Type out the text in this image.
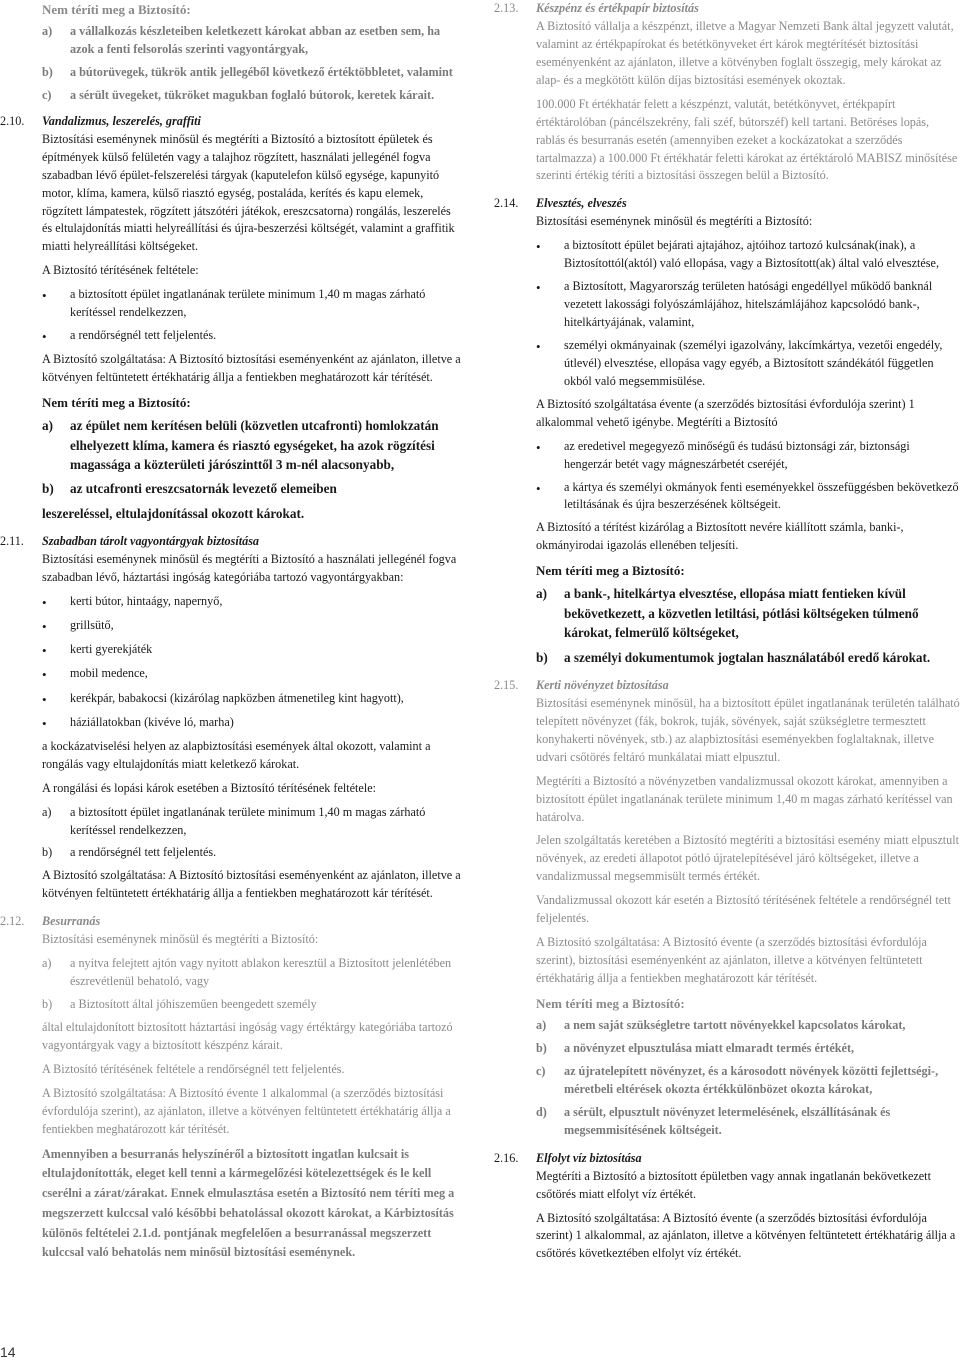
Nem téríti meg a Biztosító:
a)	a vállalkozás készleteiben keletkezett károkat abban az esetben sem, ha azok a fenti felsorolás szerinti vagyontárgyak,
b)	a bútorüvegek, tükrök antik jellegéből következő értéktöbbletet, valamint
c)	a sérült üvegeket, tükröket magukban foglaló bútorok, keretek kárait.
2.10.	Vandalizmus, leszerelés, graffiti

Biztosítási eseménynek minősül és megtéríti a Biztosító a biztosított épületek és építmények külső felületén vagy a talajhoz rögzített, használati jellegénél fogva szabadban lévő épület-felszerelési tárgyak (kaputelefon külső egysége, kapunyitó motor, klíma, kamera, külső riasztó egység, postaláda, kerítés és kapu elemek, rögzített lámpatestek, rögzített játszótéri játékok, ereszcsatorna) rongálás, leszerelés és eltulajdonítás miatti helyreállítási és újra-beszerzési költségét, valamint a graffitik miatti helyreállítási költségeket.

A Biztosító térítésének feltétele:

•	a biztosított épület ingatlanának területe minimum 1,40 m magas zárható kerítéssel rendelkezzen,
•	a rendőrségnél tett feljelentés.

A Biztosító szolgáltatása: A Biztosító biztosítási eseményenként az ajánlaton, illetve a kötvényen feltüntetett értékhatárig állja a fentiekben meghatározott kár térítését.

Nem téríti meg a Biztosító:
a)	az épület nem kerítésen belüli (közvetlen utcafronti) homlokzatán elhelyezett klíma, kamera és riasztó egységeket, ha azok rögzítési magassága a közterületi járószinttől 3 m-nél alacsonyabb,
b)	az utcafronti ereszcsatornák levezető elemeiben

leszereléssel, eltulajdonítással okozott károkat.

2.11.	Szabadban tárolt vagyontárgyak biztosítása

Biztosítási eseménynek minősül és megtéríti a Biztosító a használati jellegénél fogva szabadban lévő, háztartási ingóság kategóriába tartozó vagyontárgyakban:

•	kerti bútor, hintaágy, napernyő,
•	grillsütő,
•	kerti gyerekjáték
•	mobil medence,
•	kerékpár, babakocsi (kizárólag napközben átmenetileg kint hagyott),
•	háziállatokban (kivéve ló, marha)

a kockázatviselési helyen az alapbiztosítási események által okozott, valamint a rongálás vagy eltulajdonítás miatt keletkező károkat.

A rongálási és lopási károk esetében a Biztosító térítésének feltétele:

a)	a biztosított épület ingatlanának területe minimum 1,40 m magas zárható kerítéssel rendelkezzen,
b)	a rendőrségnél tett feljelentés.

A Biztosító szolgáltatása: A Biztosító biztosítási eseményenként az ajánlaton, illetve a kötvényen feltüntetett értékhatárig állja a fentiekben meghatározott kár térítését.

2.12.	Besurranás

Biztosítási eseménynek minősül és megtéríti a Biztosító:

a)	a nyitva felejtett ajtón vagy nyitott ablakon keresztül a Biztosított jelenlétében észrevétlenül behatoló, vagy
b)	a Biztosított által jóhiszeműen beengedett személy

által eltulajdonított biztosított háztartási ingóság vagy értéktárgy kategóriába tartozó vagyontárgyak vagy a biztosított készpénz kárait.

A Biztosító térítésének feltétele a rendőrségnél tett feljelentés.

A Biztosító szolgáltatása: A Biztosító évente 1 alkalommal (a szerződés biztosítási évfordulója szerint), az ajánlaton, illetve a kötvényen feltüntetett értékhatárig állja a fentiekben meghatározott kár térítését.

Amennyiben a besurranás helyszínéről a biztosított ingatlan kulcsait is eltulajdonították, eleget kell tenni a kármegelőzési kötelezettségek és le kell cserélni a zárat/zárakat. Ennek elmulasztása esetén a Biztosító nem téríti meg a megszerzett kulccsal való későbbi behatolással okozott károkat, a Kárbiztosítás különös feltételei 2.1.d. pontjának megfelelően a besurranással megszerzett kulccsal való behatolás nem minősül biztosítási eseménynek.

2.13.	Készpénz és értékpapír biztosítás

A Biztosító vállalja a készpénzt, illetve a Magyar Nemzeti Bank által jegyzett valutát, valamint az értékpapírokat és betétkönyveket ért károk megtérítését biztosítási eseményenként az ajánlaton, illetve a kötvényben foglalt összegig, mely károkat az alap- és a megkötött külön díjas biztosítási események okoztak.

100.000 Ft értékhatár felett a készpénzt, valutát, betétkönyvet, értékpapírt értéktárolóban (páncélszekrény, fali széf, bútorszéf) kell tartani. Betöréses lopás, rablás és besurranás esetén (amennyiben ezeket a kockázatokat a szerződés tartalmazza) a 100.000 Ft értékhatár feletti károkat az értéktároló MABISZ minősítése szerinti értékig téríti a biztosítási összegen belül a Biztosító.

2.14.	Elvesztés, elveszés

Biztosítási eseménynek minősül és megtéríti a Biztosító:

•	a biztosított épület bejárati ajtajához, ajtóihoz tartozó kulcsának(inak), a Biztosítottól(aktól) való ellopása, vagy a Biztosított(ak) által való elvesztése,
•	a Biztosított, Magyarország területen hatósági engedéllyel működő banknál vezetett lakossági folyószámlájához, hitelszámlájához kapcsolódó bank-, hitelkártyájának, valamint,
•	személyi okmányainak (személyi igazolvány, lakcímkártya, vezetői engedély, útlevél) elvesztése, ellopása vagy egyéb, a Biztosított szándékától független okból való megsemmisülése.

A Biztosító szolgáltatása évente (a szerződés biztosítási évfordulója szerint) 1 alkalommal vehető igénybe. Megtéríti a Biztosító

•	az eredetivel megegyező minőségű és tudású biztonsági zár, biztonsági hengerzár betét vagy mágneszárbetét cseréjét,
•	a kártya és személyi okmányok fenti eseményekkel összefüggésben bekövetkező letiltásának és újra beszerzésének költségeit.

A Biztosító a térítést kizárólag a Biztosított nevére kiállított számla, banki-, okmányirodai igazolás ellenében teljesíti.

Nem téríti meg a Biztosító:
a)	a bank-, hitelkártya elvesztése, ellopása miatt fentieken kívül bekövetkezett, a közvetlen letiltási, pótlási költségeken túlmenő károkat, felmerülő költségeket,
b)	a személyi dokumentumok jogtalan használatából eredő károkat.
2.15.	Kerti növényzet biztosítása

Biztosítási eseménynek minősül, ha a biztosított épület ingatlanának területén található telepített növényzet (fák, bokrok, tuják, sövények, saját szükségletre termesztett konyhakerti növények, stb.) az alapbiztosítási eseményekben foglaltaknak, illetve udvari csőtörés feltáró munkálatai miatt elpusztul.

Megtéríti a Biztosító a növényzetben vandalizmussal okozott károkat, amennyiben a biztosított épület ingatlanának területe minimum 1,40 m magas zárható kerítéssel van határolva.

Jelen szolgáltatás keretében a Biztosító megtéríti a biztosítási esemény miatt elpusztult növények, az eredeti állapotot pótló újratelepítésével járó költségeket, illetve a vandalizmussal megsemmisült termés értékét.

Vandalizmussal okozott kár esetén a Biztosító térítésének feltétele a rendőrségnél tett feljelentés.

A Biztosító szolgáltatása: A Biztosító évente (a szerződés biztosítási évfordulója szerint), biztosítási eseményenként az ajánlaton, illetve a kötvényen feltüntetett értékhatárig állja a fentiekben meghatározott kár térítését.

Nem téríti meg a Biztosító:
a)	a nem saját szükségletre tartott növényekkel kapcsolatos károkat,
b)	a növényzet elpusztulása miatt elmaradt termés értékét,
c)	az újratelepített növényzet, és a károsodott növények közötti fejlettségi-, méretbeli eltérések okozta értékkülönbözet okozta károkat,
d)	a sérült, elpusztult növényzet letermelésének, elszállításának és megsemmisítésének költségeit.
2.16.	Elfolyt víz biztosítása

Megtéríti a Biztosító a biztosított épületben vagy annak ingatlanán bekövetkezett csőtörés miatt elfolyt víz értékét.

A Biztosító szolgáltatása: A Biztosító évente (a szerződés biztosítási évfordulója szerint) 1 alkalommal, az ajánlaton, illetve a kötvényen feltüntetett értékhatárig állja a csőtörés következtében elfolyt víz értékét.

14
